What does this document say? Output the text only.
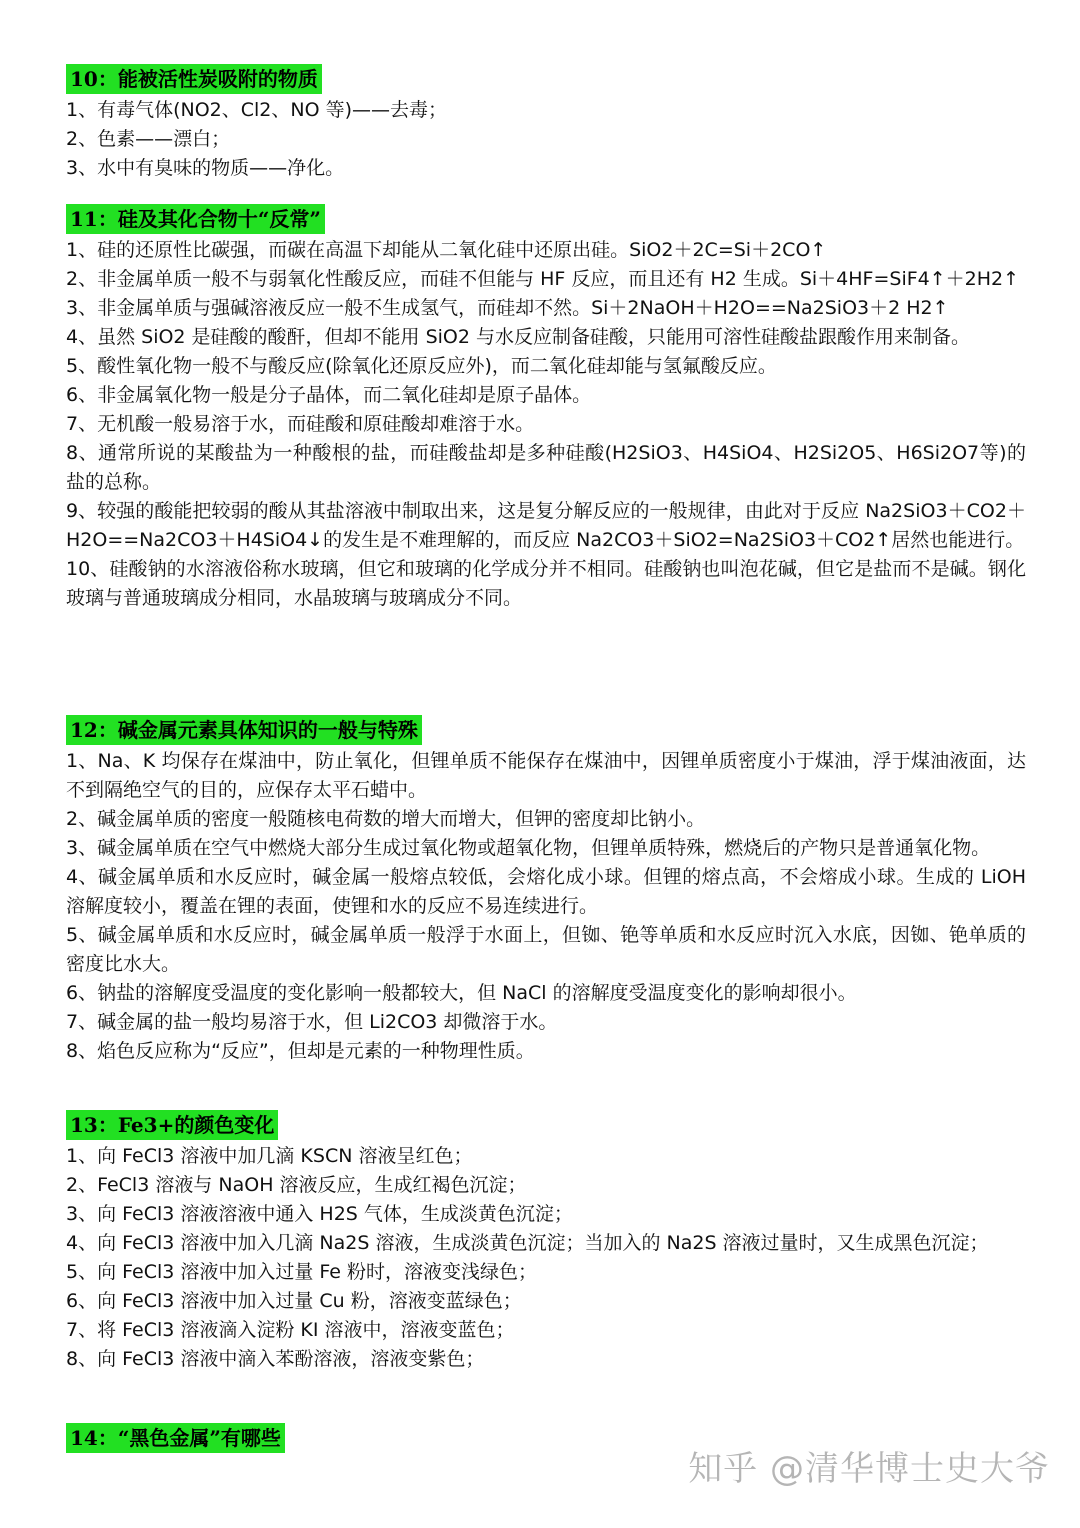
10：能被活性炭吸附的物质

1、有毒气体(NO2、Cl2、NO 等)——去毒；

2、色素——漂白；

3、水中有臭味的物质——净化。

11：硅及其化合物十“反常”

1、硅的还原性比碳强，而碳在高温下却能从二氧化硅中还原出硅。SiO2＋2C=Si＋2CO↑

2、非金属单质一般不与弱氧化性酸反应，而硅不但能与 HF 反应，而且还有 H2 生成。Si＋4HF=SiF4↑＋2H2↑

3、非金属单质与强碱溶液反应一般不生成氢气，而硅却不然。Si＋2NaOH＋H2O==Na2SiO3＋2 H2↑

4、虽然 SiO2 是硅酸的酸酐，但却不能用 SiO2 与水反应制备硅酸，只能用可溶性硅酸盐跟酸作用来制备。

5、酸性氧化物一般不与酸反应(除氧化还原反应外)，而二氧化硅却能与氢氟酸反应。

6、非金属氧化物一般是分子晶体，而二氧化硅却是原子晶体。

7、无机酸一般易溶于水，而硅酸和原硅酸却难溶于水。

8、通常所说的某酸盐为一种酸根的盐，而硅酸盐却是多种硅酸(H2SiO3、H4SiO4、H2Si2O5、H6Si2O7等)的盐的总称。

9、较强的酸能把较弱的酸从其盐溶液中制取出来，这是复分解反应的一般规律，由此对于反应 Na2SiO3＋CO2＋H2O==Na2CO3＋H4SiO4↓的发生是不难理解的，而反应 Na2CO3＋SiO2=Na2SiO3＋CO2↑居然也能进行。

10、硅酸钠的水溶液俗称水玻璃，但它和玻璃的化学成分并不相同。硅酸钠也叫泡花碱，但它是盐而不是碱。钢化玻璃与普通玻璃成分相同，水晶玻璃与玻璃成分不同。

12：碱金属元素具体知识的一般与特殊

1、Na、K 均保存在煤油中，防止氧化，但锂单质不能保存在煤油中，因锂单质密度小于煤油，浮于煤油液面，达不到隔绝空气的目的，应保存太平石蜡中。

2、碱金属单质的密度一般随核电荷数的增大而增大，但钾的密度却比钠小。

3、碱金属单质在空气中燃烧大部分生成过氧化物或超氧化物，但锂单质特殊，燃烧后的产物只是普通氧化物。

4、碱金属单质和水反应时，碱金属一般熔点较低，会熔化成小球。但锂的熔点高，不会熔成小球。生成的 LiOH 溶解度较小，覆盖在锂的表面，使锂和水的反应不易连续进行。

5、碱金属单质和水反应时，碱金属单质一般浮于水面上，但铷、铯等单质和水反应时沉入水底，因铷、铯单质的密度比水大。

6、钠盐的溶解度受温度的变化影响一般都较大，但 NaCl 的溶解度受温度变化的影响却很小。

7、碱金属的盐一般均易溶于水，但 Li2CO3 却微溶于水。

8、焰色反应称为“反应”，但却是元素的一种物理性质。

13：Fe3+的颜色变化

1、向 FeCl3 溶液中加几滴 KSCN 溶液呈红色；

2、FeCl3 溶液与 NaOH 溶液反应，生成红褐色沉淀；

3、向 FeCl3 溶液溶液中通入 H2S 气体，生成淡黄色沉淀；

4、向 FeCl3 溶液中加入几滴 Na2S 溶液，生成淡黄色沉淀；当加入的 Na2S 溶液过量时，又生成黑色沉淀；

5、向 FeCl3 溶液中加入过量 Fe 粉时，溶液变浅绿色；

6、向 FeCl3 溶液中加入过量 Cu 粉，溶液变蓝绿色；

7、将 FeCl3 溶液滴入淀粉 KI 溶液中，溶液变蓝色；

8、向 FeCl3 溶液中滴入苯酚溶液，溶液变紫色；

14：“黑色金属”有哪些
知乎 @清华博士史大爷
